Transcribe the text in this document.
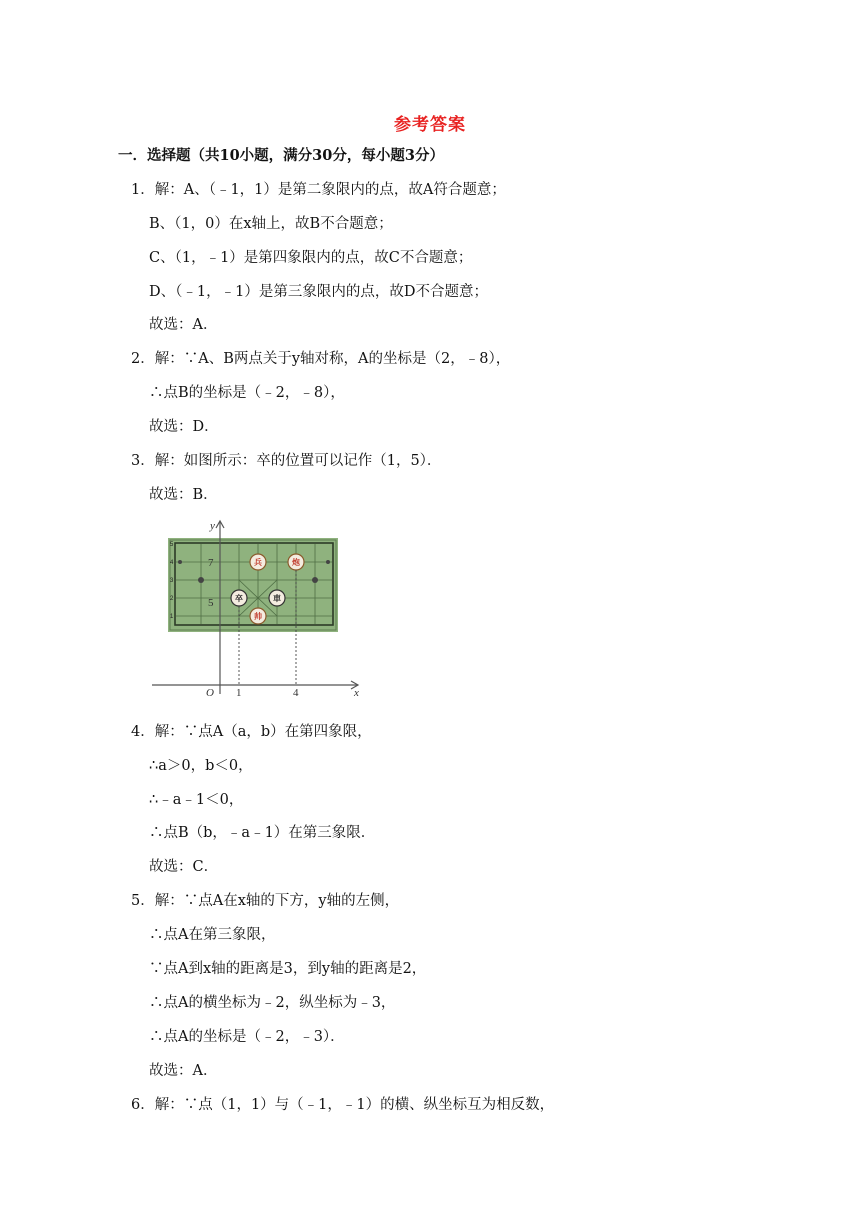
参考答案
一．选择题（共10小题，满分30分，每小题3分）
1．解：A、（﹣1，1）是第二象限内的点，故A符合题意；
B、（1，0）在x轴上，故B不合题意；
C、（1，﹣1）是第四象限内的点，故C不合题意；
D、（﹣1，﹣1）是第三象限内的点，故D不合题意；
故选：A．
2．解：∵A、B两点关于y轴对称，A的坐标是（2，﹣8），
∴点B的坐标是（﹣2，﹣8），
故选：D．
3．解：如图所示：卒的位置可以记作（1，5）．
故选：B．
5
4
3
2
1
兵	炮
卒	車
帅
7
5
y
x
O 1	4
4．解：∵点A（a，b）在第四象限，
∴a＞0，b＜0，
∴﹣a﹣1＜0，
∴点B（b，﹣a﹣1）在第三象限．
故选：C．
5．解：∵点A在x轴的下方，y轴的左侧，
∴点A在第三象限，
∵点A到x轴的距离是3，到y轴的距离是2，
∴点A的横坐标为﹣2，纵坐标为﹣3，
∴点A的坐标是（﹣2，﹣3）．
故选：A．
6．解：∵点（1，1）与（﹣1，﹣1）的横、纵坐标互为相反数，
